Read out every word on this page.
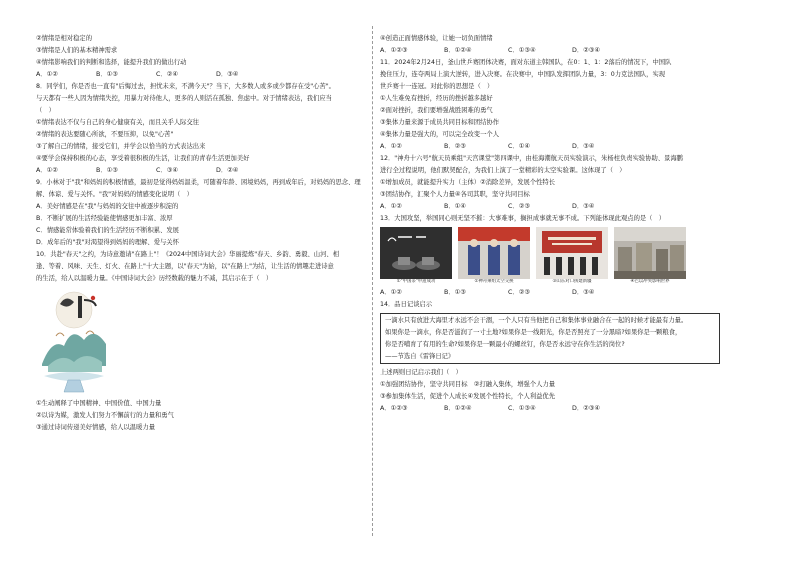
②情绪是相对稳定的
③情绪是人们的基本精神需求
④情绪影响我们的判断和选择，能提升我们的做出行动
A．①②	B．①③	C．②④	D．③④
8．同学们，你是否也一直有"后悔过去，担忧未来，不满今天"？当下，大多数人或多或少都存在受"心苦"。
与天都有一些人因为情绪失控，用暴力对待他人，更多的人则活在孤独、焦虑中。对于情绪表达，我们应当
（　）
①情绪表达不仅与自己的身心健康有关，而且关乎人际交往
②情绪的表达要随心所欲，不要压抑，以免"心苦"
③了解自己的情绪，接受它们，并学会以恰当的方式表达出来
④要学会保持积极的心态，享受着很积极的生活，让我们的青春生活更加美好
A．①②	B．①③	C．③④	D．②④
9．小林对于"我"和妈妈的积极情感，最初是觉得妈妈温柔，可随着年龄、困境妈妈，再到成年后，对妈妈的思念、理
解、体谅、爱与关怀。"我"对妈妈的情感变化说明（　）
A．美好情感是在"我"与妈妈的交往中被逐步积淀的
B．不断扩展的生活经验能使情感更加丰富、浓厚
C．情感能常体验着我们的生活经历不断积累、发展
D．成年后的"我"对渴望得到妈妈的理解、爱与关怀
10．共赴"春天"之约，为诗意邀请"在路上"！《2024中国诗词大会》华丽提炼"春天、乡韵、勇毅、山河、相
逢、等着、风味、天生、灯火、在路上"十大主题，以"春天"为始，以"在路上"为结，让生活的情趣走进诗意
的生活，给人以温暖力量。《中国诗词大会》历经数载的魅力不减，其启示在于（　）
①生动阐释了中国精神、中国价值、中国力量
②以诗为媒，激发人们努力不懈前行的力量和勇气
③通过诗词传递美好情感，给人以温暖力量
④创造正面情感体验，让她一切负面情绪
A．①②③	B．①②④	C．①③④	D．②③④
11．2024年2月24日，釜山世乒赛团体决赛，面对东道主韩国队，在0：1、1：2落后的情况下，中国队
挽住压力，连夺两局上演大逆转，进入决赛。在决赛中，中国队发挥团队力量，3：0力克法国队，实现
世乒赛十一连冠。对此你的思想是（　）
①人生难免有挫折，经历的挫折越多越好
②面对挫折，我们要增强战胜困难的勇气
③集体力量来源于成员共同目标和团结协作
④集体力量是强大的，可以完全改变一个人
A．①②	B．②③	C．①④	D．③④
12．"神舟十六号"航天员乘组"天宫课堂"第四课中，由桂海潮航天员实验演示，朱杨柱负责实验协助、景海鹏
进行全过程说明，他们默契配合，为我们上演了一堂精彩的太空实验课。这体现了（　）
①增加成员，就能提升实力（主体）②消除差异，发展个性特长
③团结协作，汇聚个人力量④各司其职，坚守共同目标
A．①②	B．①④	C．②③	D．③④
13．大国攻坚，举国同心则无坚不摧：大事难事，搁担成事就无事不成。下列能体现此观点的是（　）
①"中国茶"申遗成功	②神舟乘组太空交换	③山东对口援建新疆	④巴以冲突影响世界
A．①②	B．①③	C．②③	D．③④
14．品日记谈启示
一滴水只有放进大海里才永远不会干涸，一个人只有当他把自己和集体事业融合在一起的时候才能最有力量。
如果你是一滴水，你是否滋润了一寸土地?如果你是一线阳光，你是否照亮了一分黑暗?如果你是一颗粮食，
你是否哺育了有用的生命?如果你是一颗最小的螺丝钉，你是否永远守在你生活的岗位?
——节选自《雷锋日记》
上述两则日记启示我们（　）
①加强团结协作，坚守共同目标　②打融入集体，增强个人力量
③参加集体生活，促进个人成长④发展个性特长，个人利益优先
A．①②③	B．①②④	C．①③④	D．②③④
